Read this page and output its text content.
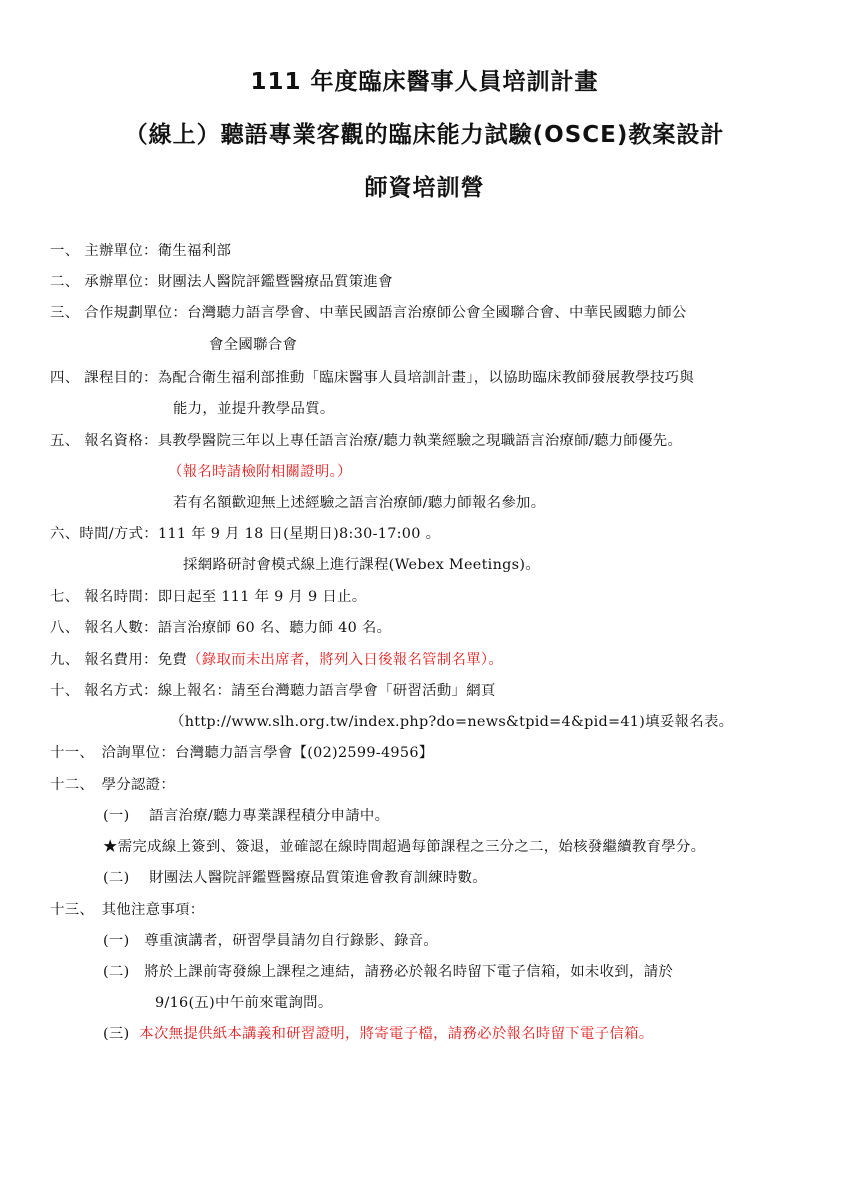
111 年度臨床醫事人員培訓計畫
（線上）聽語專業客觀的臨床能力試驗(OSCE)教案設計
師資培訓營
一、 主辦單位：衛生福利部
二、 承辦單位：財團法人醫院評鑑暨醫療品質策進會
三、 合作規劃單位：台灣聽力語言學會、中華民國語言治療師公會全國聯合會、中華民國聽力師公
會全國聯合會
四、 課程目的：為配合衛生福利部推動「臨床醫事人員培訓計畫」，以協助臨床教師發展教學技巧與
能力，並提升教學品質。
五、 報名資格：具教學醫院三年以上專任語言治療/聽力執業經驗之現職語言治療師/聽力師優先。
（報名時請檢附相關證明。）
若有名額歡迎無上述經驗之語言治療師/聽力師報名參加。
六、時間/方式：111 年 9 月 18 日(星期日)8:30-17:00 。
採網路研討會模式線上進行課程(Webex Meetings)。
七、 報名時間：即日起至 111 年 9 月 9 日止。
八、 報名人數：語言治療師 60 名、聽力師 40 名。
九、 報名費用：免費（錄取而未出席者，將列入日後報名管制名單）。
十、 報名方式：線上報名：請至台灣聽力語言學會「研習活動」網頁
（http://www.slh.org.tw/index.php?do=news&tpid=4&pid=41)填妥報名表。
十一、　洽詢單位：台灣聽力語言學會【(02)2599-4956】
十二、　學分認證：
(一)　 語言治療/聽力專業課程積分申請中。
★需完成線上簽到、簽退，並確認在線時間超過每節課程之三分之二，始核發繼續教育學分。
(二)　 財團法人醫院評鑑暨醫療品質策進會教育訓練時數。
十三、　其他注意事項：
(一)　尊重演講者，研習學員請勿自行錄影、錄音。
(二)　將於上課前寄發線上課程之連結，請務必於報名時留下電子信箱，如未收到，請於
9/16(五)中午前來電詢問。
(三) 本次無提供紙本講義和研習證明，將寄電子檔，請務必於報名時留下電子信箱。
